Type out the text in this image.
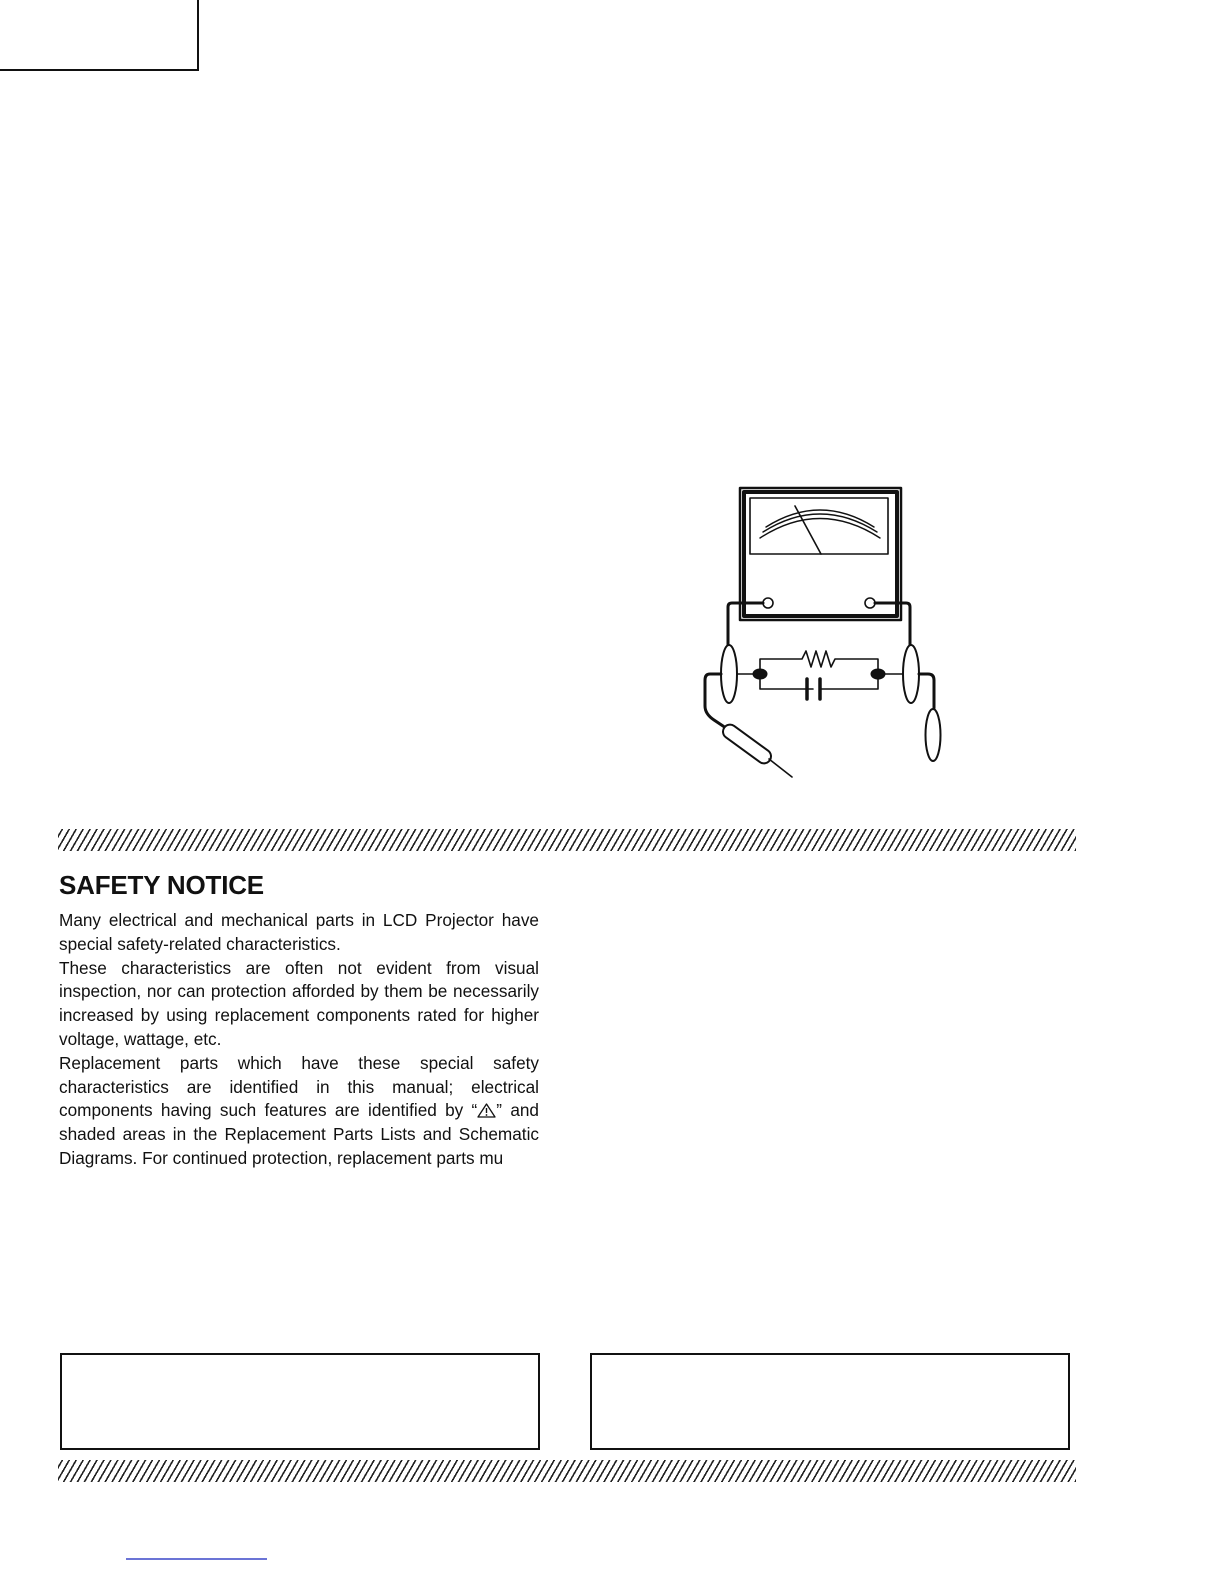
SAFETY NOTICE

Many electrical and mechanical parts in LCD Projector have special safety-related characteristics.

These characteristics are often not evident from visual inspection, nor can protection afforded by them be necessarily increased by using replacement components rated for higher voltage, wattage, etc.

Replacement parts which have these special safety characteristics are identified in this manual; electrical components having such features are identified by “ ” and shaded areas in the Replacement Parts Lists and Schematic Diagrams. For continued protection, replacement parts mu
